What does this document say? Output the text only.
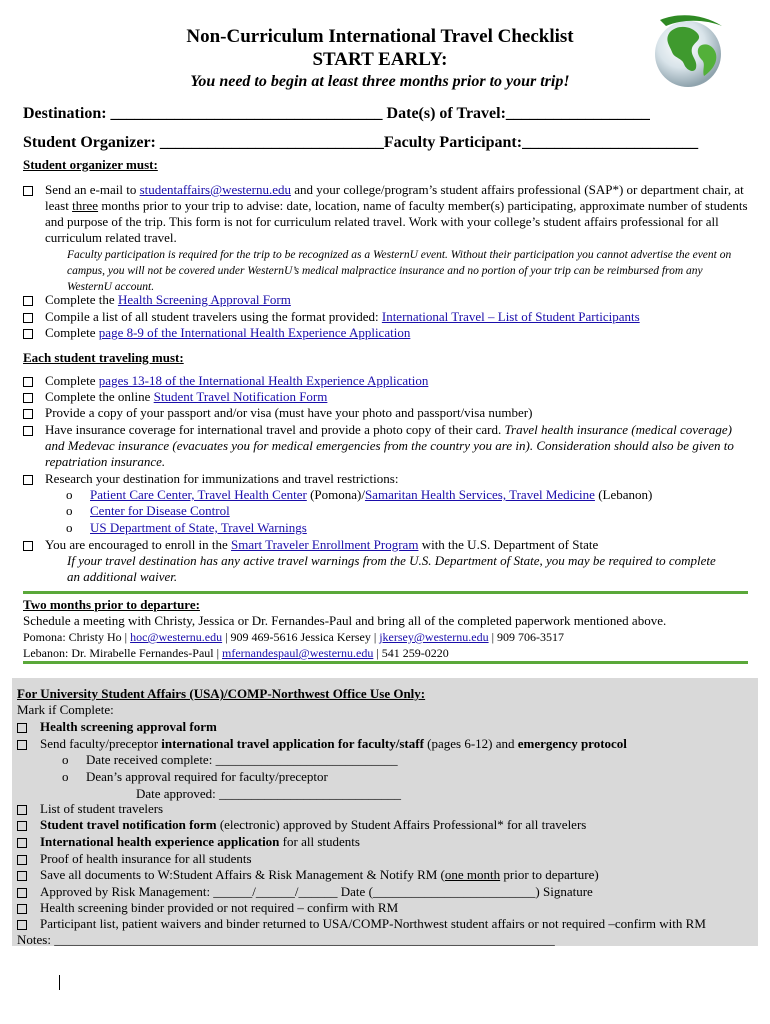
Non-Curriculum International Travel Checklist
START EARLY:
You need to begin at least three months prior to your trip!
Destination: __________________________________ Date(s) of Travel:__________________
Student Organizer: ____________________________Faculty Participant:______________________
Student organizer must:
Send an e-mail to studentaffairs@westernu.edu and your college/program’s student affairs professional (SAP*) or department chair, at least three months prior to your trip to advise: date, location, name of faculty member(s) participating, approximate number of students and purpose of the trip. This form is not for curriculum related travel. Work with your college’s student affairs professional for all curriculum related travel.
Faculty participation is required for the trip to be recognized as a WesternU event. Without their participation you cannot advertise the event on campus, you will not be covered under WesternU’s medical malpractice insurance and no portion of your trip can be reimbursed from any WesternU account.
Complete the Health Screening Approval Form
Compile a list of all student travelers using the format provided: International Travel – List of Student Participants
Complete page 8-9 of the International Health Experience Application
Each student traveling must:
Complete pages 13-18 of the International Health Experience Application
Complete the online Student Travel Notification Form
Provide a copy of your passport and/or visa (must have your photo and passport/visa number)
Have insurance coverage for international travel and provide a photo copy of their card. Travel health insurance (medical coverage) and Medevac insurance (evacuates you for medical emergencies from the country you are in). Consideration should also be given to repatriation insurance.
Research your destination for immunizations and travel restrictions:
o Patient Care Center, Travel Health Center (Pomona)/Samaritan Health Services, Travel Medicine (Lebanon)
o Center for Disease Control
o US Department of State, Travel Warnings
You are encouraged to enroll in the Smart Traveler Enrollment Program with the U.S. Department of State
If your travel destination has any active travel warnings from the U.S. Department of State, you may be required to complete an additional waiver.
Two months prior to departure:
Schedule a meeting with Christy, Jessica or Dr. Fernandes-Paul and bring all of the completed paperwork mentioned above.
Pomona: Christy Ho | hoc@westernu.edu | 909 469-5616 Jessica Kersey | jkersey@westernu.edu | 909 706-3517
Lebanon: Dr. Mirabelle Fernandes-Paul | mfernandespaul@westernu.edu | 541 259-0220
For University Student Affairs (USA)/COMP-Northwest Office Use Only:
Mark if Complete:
Health screening approval form
Send faculty/preceptor international travel application for faculty/staff (pages 6-12) and emergency protocol
o Date received complete: ____________________________
o Dean’s approval required for faculty/preceptor
Date approved: ____________________________
List of student travelers
Student travel notification form (electronic) approved by Student Affairs Professional* for all travelers
International health experience application for all students
Proof of health insurance for all students
Save all documents to W:Student Affairs & Risk Management & Notify RM (one month prior to departure)
Approved by Risk Management: ______/______/______ Date (_________________________) Signature
Health screening binder provided or not required – confirm with RM
Participant list, patient waivers and binder returned to USA/COMP-Northwest student affairs or not required –confirm with RM
Notes: _____________________________________________________________________________
